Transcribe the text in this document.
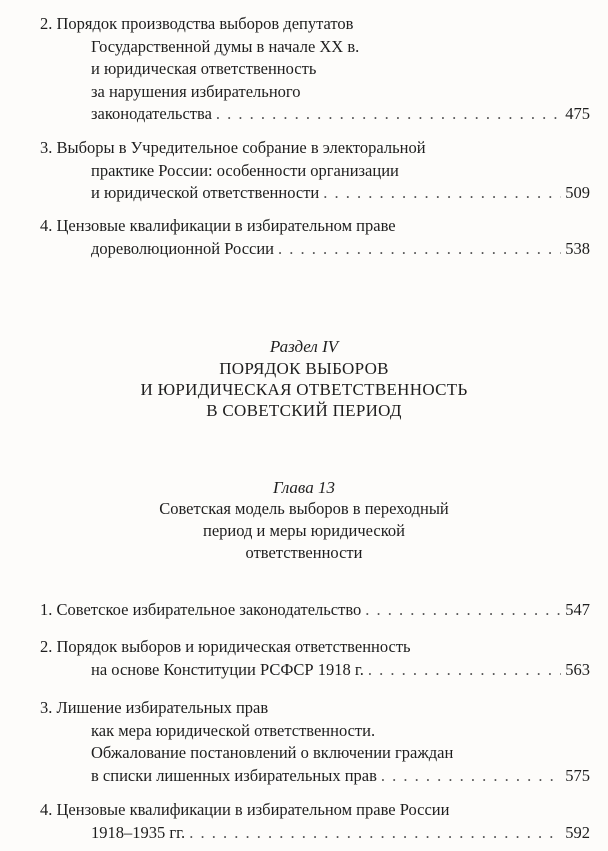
2. Порядок производства выборов депутатов
Государственной думы в начале XX в.
и юридическая ответственность
за нарушения избирательного
законодательства . . .	475
3. Выборы в Учредительное собрание в электоральной
практике России: особенности организации
и юридической ответственности . . .	509
4. Цензовые квалификации в избирательном праве
дореволюционной России . . .	538
Раздел IV
ПОРЯДОК ВЫБОРОВ
И ЮРИДИЧЕСКАЯ ОТВЕТСТВЕННОСТЬ
В СОВЕТСКИЙ ПЕРИОД
Глава 13
Советская модель выборов в переходный
период и меры юридической
ответственности
1. Советское избирательное законодательство . . .	547
2. Порядок выборов и юридическая ответственность
на основе Конституции РСФСР 1918 г. . . .	563
3. Лишение избирательных прав
как мера юридической ответственности.
Обжалование постановлений о включении граждан
в списки лишенных избирательных прав . . .	575
4. Цензовые квалификации в избирательном праве России
1918–1935 гг. . . .	592
